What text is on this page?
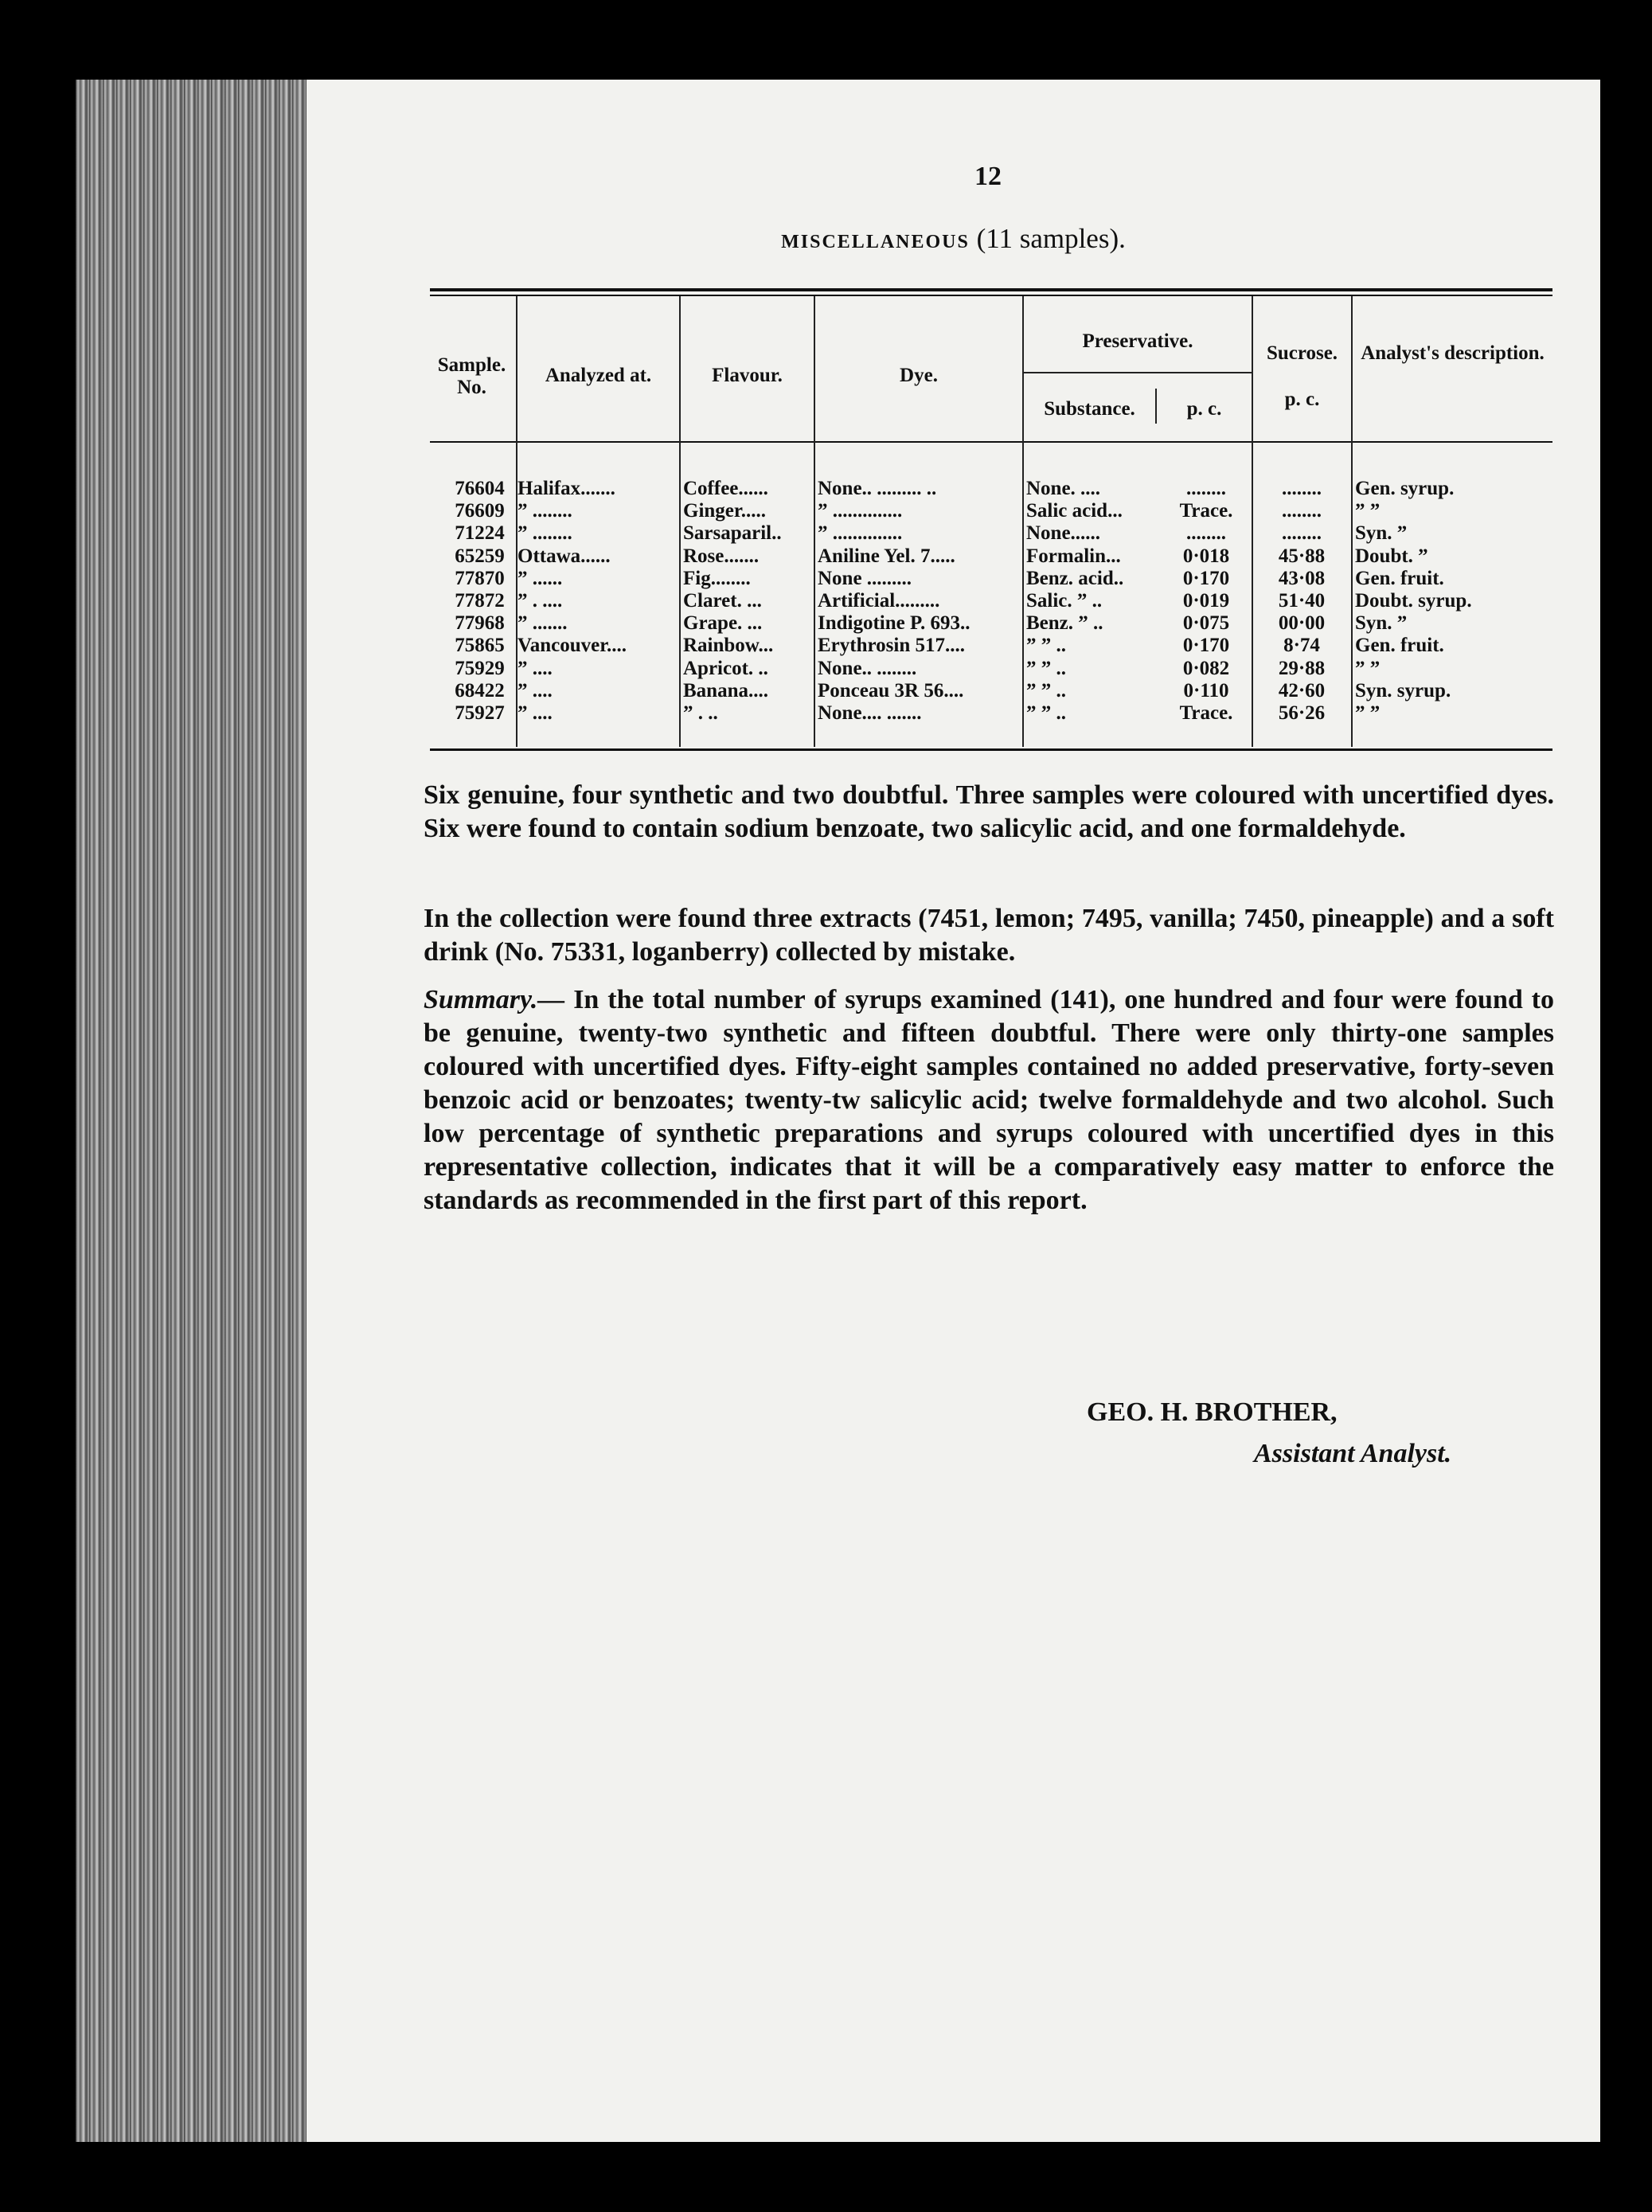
12
MISCELLANEOUS (11 samples).
Sample. No.
Analyzed at.	Flavour.	Dye.
Preservative.
Substance.	p. c.
Sucrose.
p. c.
Analyst's description.
76604 Halifax.......	Coffee......	None.. ......... ..	None. ....	........	........	Gen. syrup.
76609 ” ........	Ginger.....	” ..............	Salic acid...	Trace.	........	” ”
71224 ” ........	Sarsaparil..	” ..............	None......	........	........	Syn. ”
65259 Ottawa......	Rose.......	Aniline Yel. 7.....	Formalin...	0·018	45·88	Doubt. ”
77870 ” ......	Fig........	None .........	Benz. acid..	0·170	43·08	Gen. fruit.
77872 ” . ....	Claret. ...	Artificial.........	Salic. ” ..	0·019	51·40	Doubt. syrup.
77968 ” .......	Grape. ...	Indigotine P. 693..	Benz. ” ..	0·075	00·00	Syn. ”
75865 Vancouver....	Rainbow...	Erythrosin 517....	” ” ..	0·170	8·74	Gen. fruit.
75929 ” ....	Apricot. ..	None.. ........	” ” ..	0·082	29·88	” ”
68422 ” ....	Banana....	Ponceau 3R 56....	” ” ..	0·110	42·60	Syn. syrup.
75927 ” ....	” . ..	None.... .......	” ” ..	Trace.	56·26	” ”
Six genuine, four synthetic and two doubtful. Three samples were coloured with uncertified dyes. Six were found to contain sodium benzoate, two salicylic acid, and one formaldehyde.
In the collection were found three extracts (7451, lemon; 7495, vanilla; 7450, pineapple) and a soft drink (No. 75331, loganberry) collected by mistake.
Summary.— In the total number of syrups examined (141), one hundred and four were found to be genuine, twenty-two synthetic and fifteen doubtful. There were only thirty-one samples coloured with uncertified dyes. Fifty-eight samples contained no added preservative, forty-seven benzoic acid or benzoates; twenty-tw salicylic acid; twelve formaldehyde and two alcohol. Such low percentage of synthetic preparations and syrups coloured with uncertified dyes in this representative collection, indicates that it will be a comparatively easy matter to enforce the standards as recommended in the first part of this report.
GEO. H. BROTHER,
Assistant Analyst.
